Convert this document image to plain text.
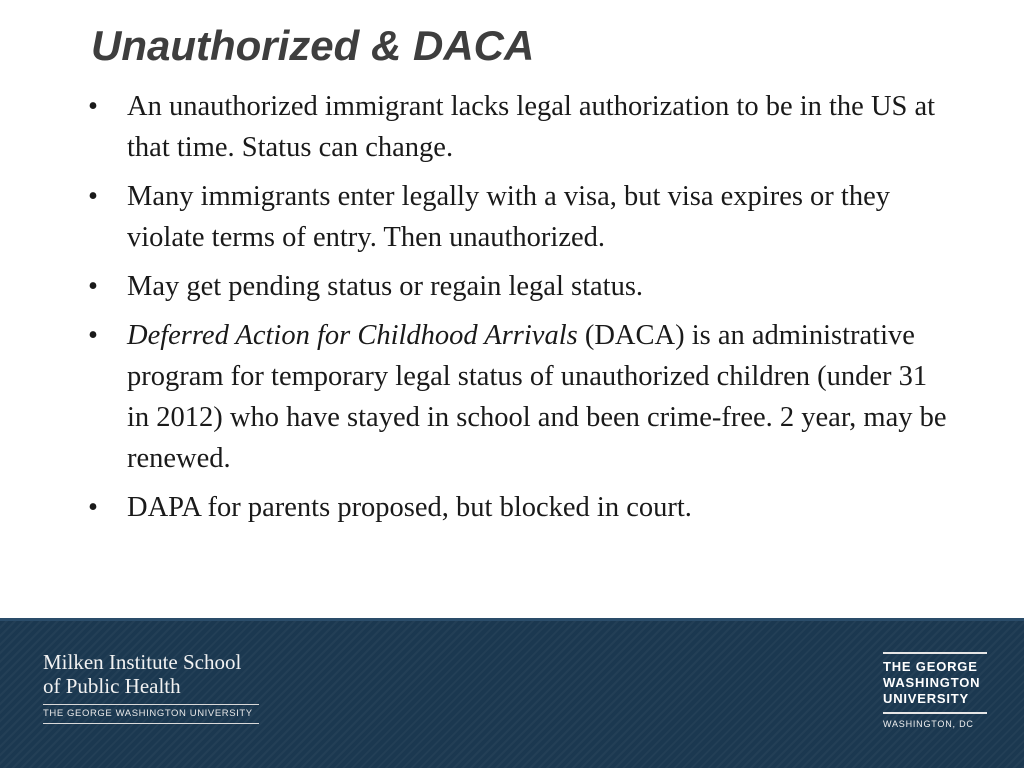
Unauthorized & DACA
• An unauthorized immigrant lacks legal authorization to be in the US at that time. Status can change.
• Many immigrants enter legally with a visa, but visa expires or they violate terms of entry. Then unauthorized.
• May get pending status or regain legal status.
• Deferred Action for Childhood Arrivals (DACA) is an administrative program for temporary legal status of unauthorized children (under 31 in 2012) who have stayed in school and been crime-free. 2 year, may be renewed.
• DAPA for parents proposed, but blocked in court.
Milken Institute School
of Public Health
THE GEORGE WASHINGTON UNIVERSITY
THE GEORGE
WASHINGTON
UNIVERSITY
WASHINGTON, DC
